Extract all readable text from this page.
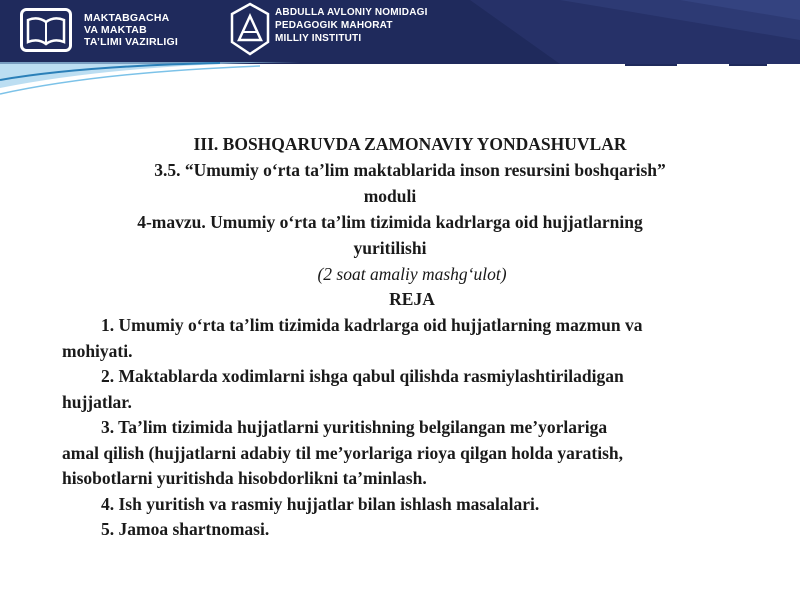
MAKTABGACHA
VA MAKTAB
TA’LIMI VAZIRLIGI
ABDULLA AVLONIY NOMIDAGI
PEDAGOGIK MAHORAT
MILLIY INSTITUTI
III. BOSHQARUVDA ZAMONAVIY YONDASHUVLAR
3.5. “Umumiy o‘rta ta’lim maktablarida inson resursini boshqarish”
moduli
4-mavzu. Umumiy o‘rta ta’lim tizimida kadrlarga oid hujjatlarning
yuritilishi
(2 soat amaliy mashg‘ulot)
REJA
1. Umumiy o‘rta ta’lim tizimida kadrlarga oid hujjatlarning mazmun va
mohiyati.
2. Maktablarda xodimlarni ishga qabul qilishda rasmiylashtiriladigan
hujjatlar.
3. Ta’lim tizimida hujjatlarni yuritishning belgilangan me’yorlariga
amal qilish (hujjatlarni adabiy til me’yorlariga rioya qilgan holda yaratish,
hisobotlarni yuritishda hisobdorlikni ta’minlash.
4. Ish yuritish va rasmiy hujjatlar bilan ishlash masalalari.
5. Jamoa shartnomasi.
